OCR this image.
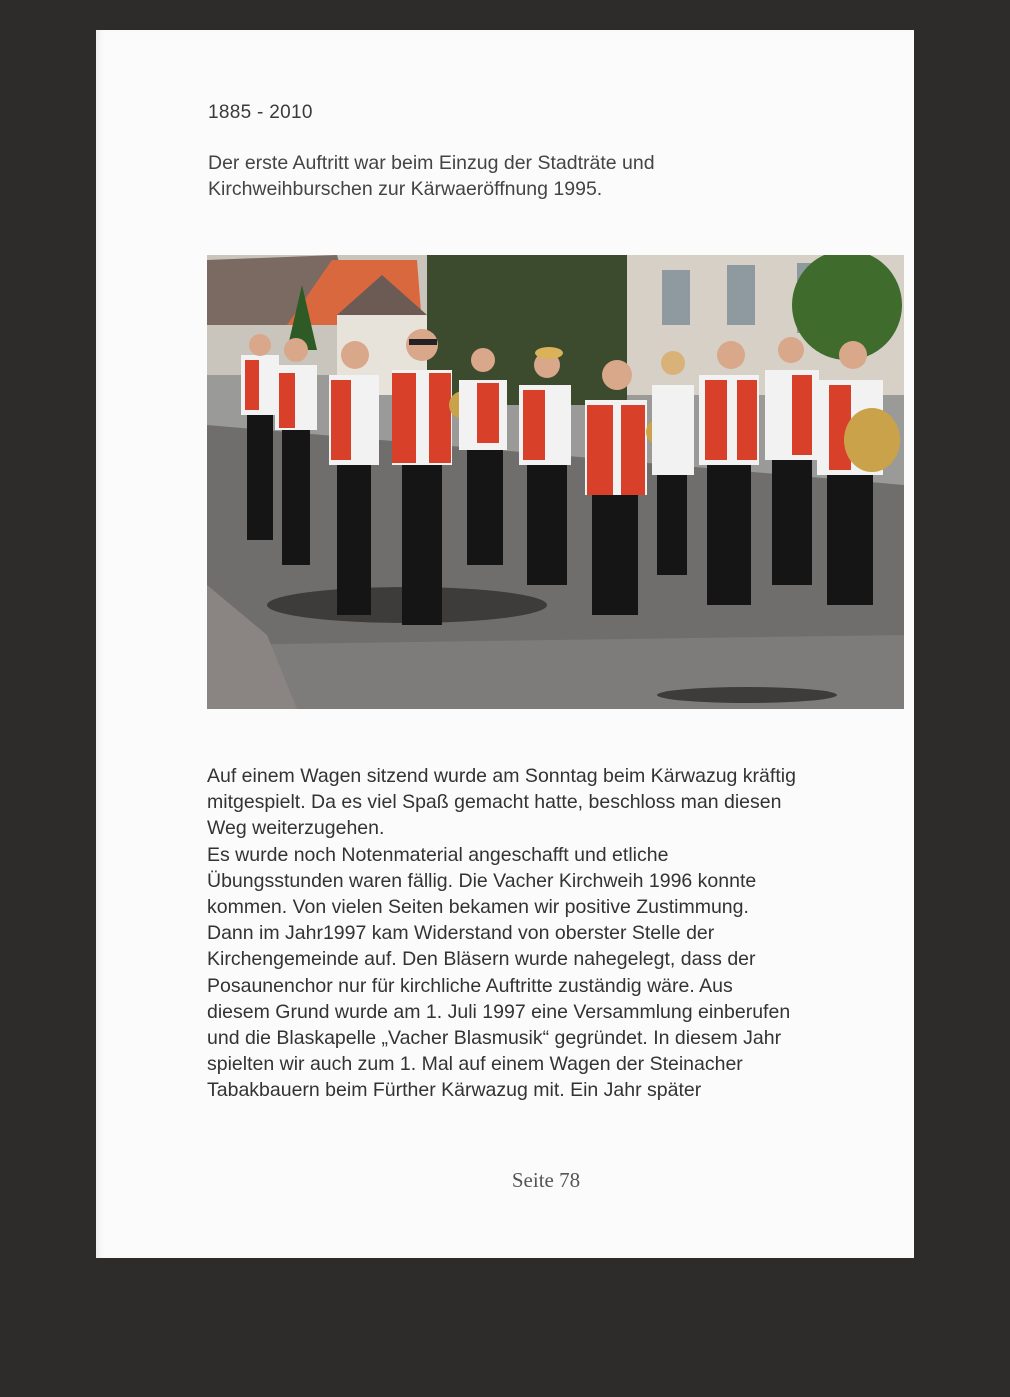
1885 - 2010
Der erste Auftritt war beim Einzug der Stadträte und
Kirchweihburschen zur Kärwaeröffnung 1995.
Auf einem Wagen sitzend wurde am Sonntag beim Kärwazug kräftig
mitgespielt. Da es viel Spaß gemacht hatte, beschloss man diesen
Weg weiterzugehen.
Es wurde noch Notenmaterial angeschafft und etliche
Übungsstunden waren fällig. Die Vacher Kirchweih 1996 konnte
kommen. Von vielen Seiten bekamen wir positive Zustimmung.
Dann im Jahr1997 kam Widerstand von oberster Stelle der
Kirchengemeinde auf. Den Bläsern wurde nahegelegt, dass der
Posaunenchor nur für kirchliche Auftritte zuständig wäre. Aus
diesem Grund wurde am 1. Juli 1997 eine Versammlung einberufen
und die Blaskapelle „Vacher Blasmusik“ gegründet. In diesem Jahr
spielten wir auch zum 1. Mal auf einem Wagen der Steinacher
Tabakbauern beim Fürther Kärwazug mit. Ein Jahr später
Seite 78
